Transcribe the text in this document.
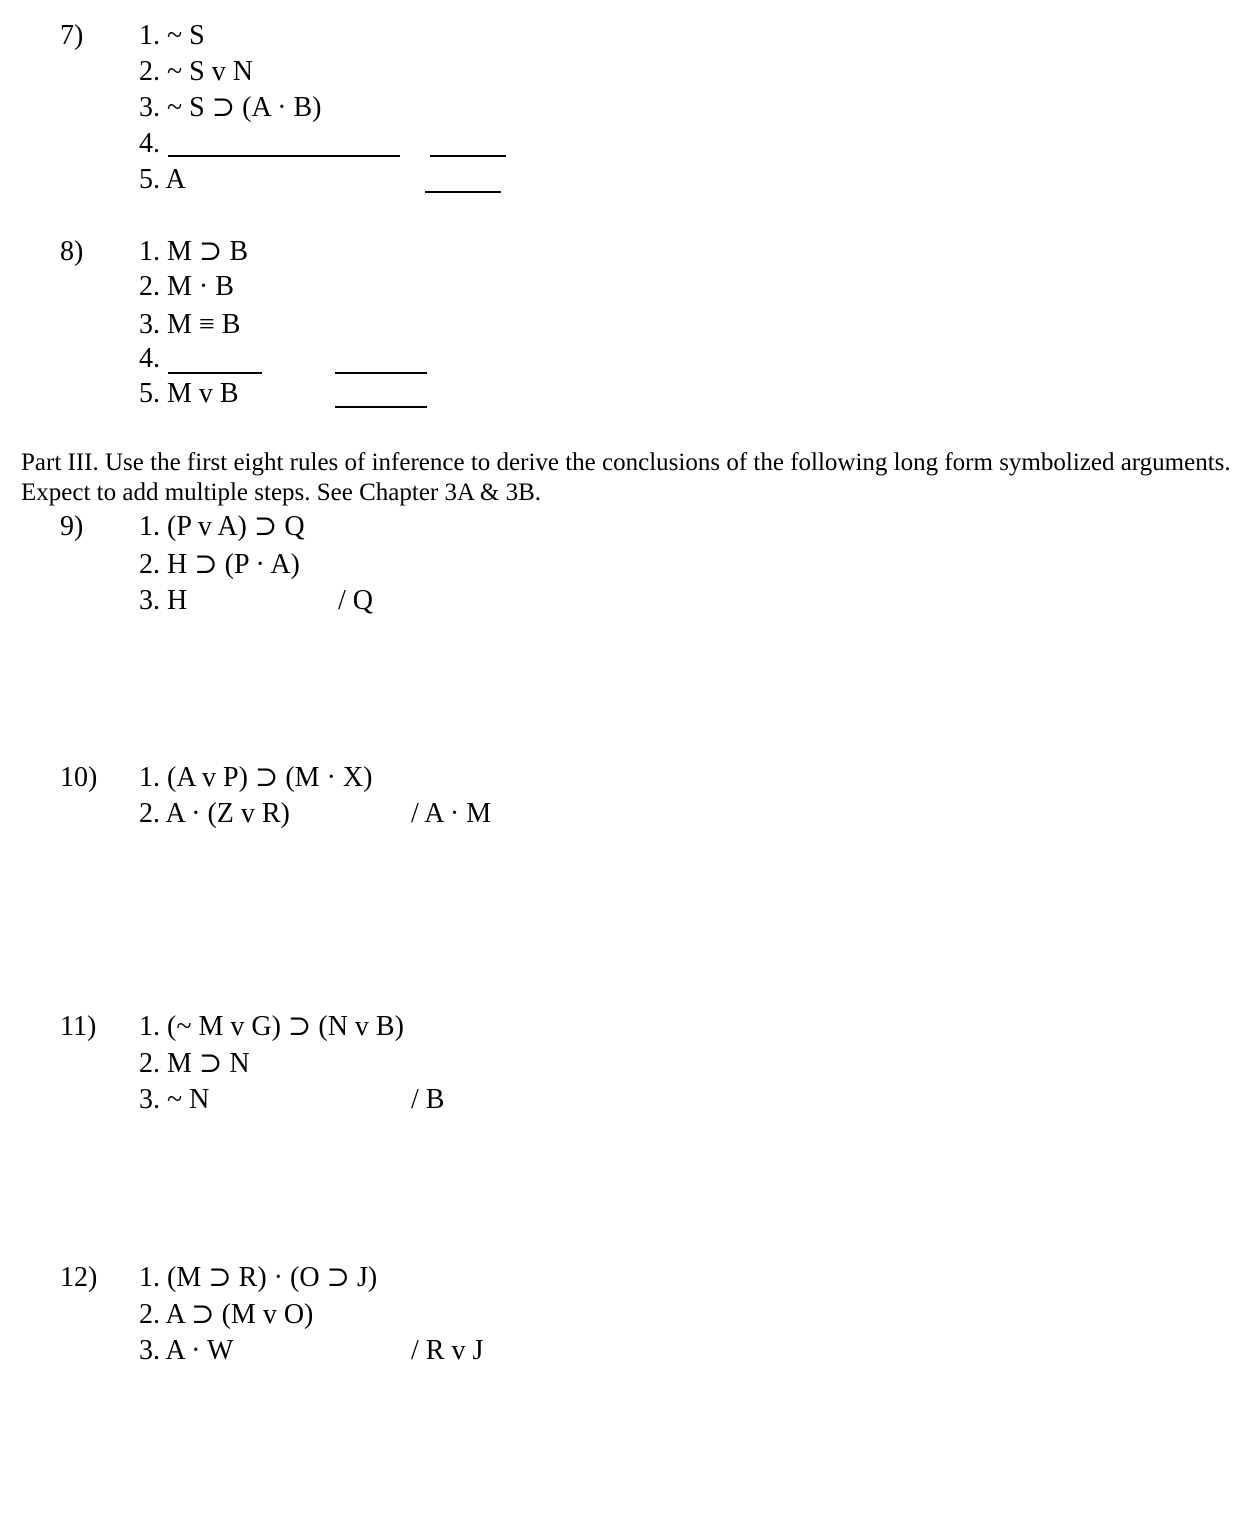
7) 1. ~ S
2. ~ S v N
3. ~ S ⊃ (A · B)
4.
5. A
8) 1. M ⊃ B
2. M · B
3. M ≡ B
4.
5. M v B

Part III. Use the first eight rules of inference to derive the conclusions of the following long form symbolized arguments. Expect to add multiple steps. See Chapter 3A & 3B.

9) 1. (P v A) ⊃ Q
2. H ⊃ (P · A)
3. H	/ Q
10) 1. (A v P) ⊃ (M · X)
2. A · (Z v R)	/ A · M
11) 1. (~ M v G) ⊃ (N v B)
2. M ⊃ N
3. ~ N	/ B
12) 1. (M ⊃ R) · (O ⊃ J)
2. A ⊃ (M v O)
3. A · W	/ R v J
